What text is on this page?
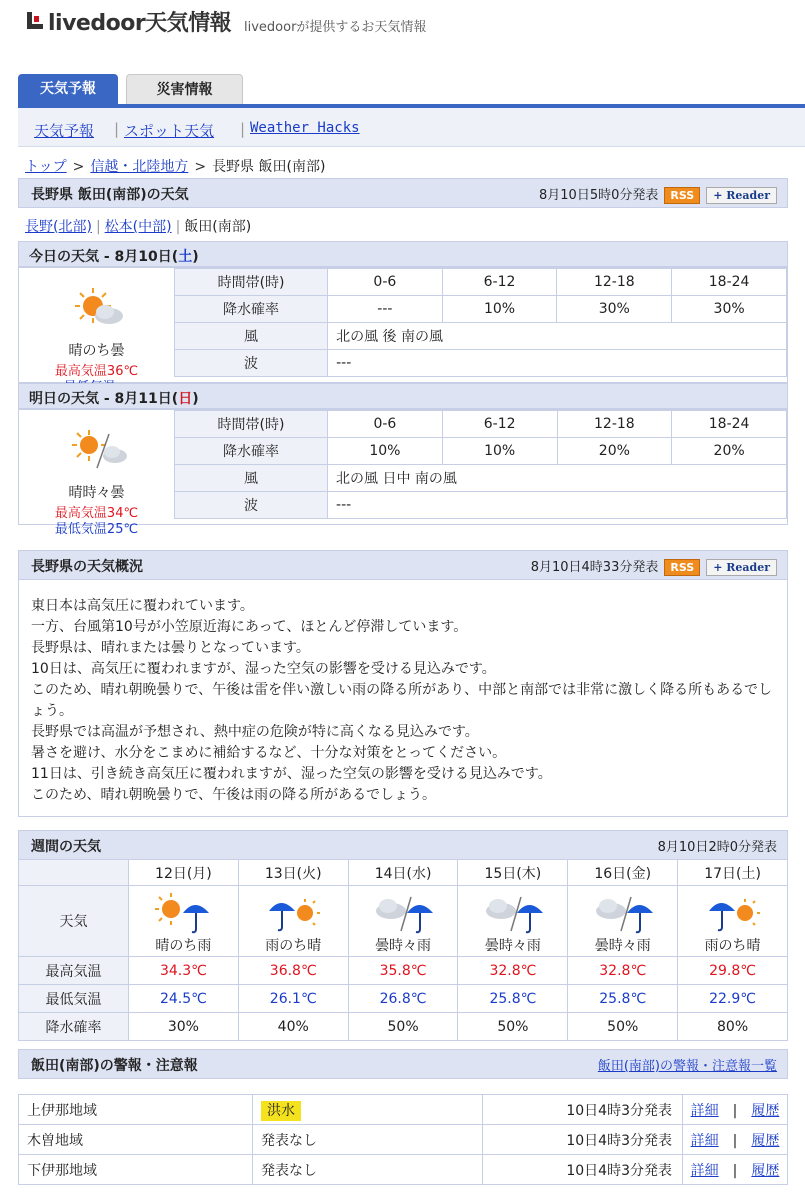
livedoor天気情報 livedoorが提供するお天気情報
天気予報	災害情報
天気予報 | スポット天気 | Weather Hacks
トップ > 信越・北陸地方 > 長野県 飯田(南部)
長野県 飯田(南部)の天気	8月10日5時0分発表 RSS + Reader
長野(北部) | 松本(中部) | 飯田(南部)
今日の天気 - 8月10日(土)
晴のち曇
最高気温36℃
時間帯(時)	0-6	6-12	12-18	18-24
降水確率	---	10%	30%	30%
風	北の風 後 南の風			
波	---			
明日の天気 - 8月11日(日)
晴時々曇
最高気温34℃
最低気温25℃
時間帯(時)	0-6	6-12	12-18	18-24
降水確率	10%	10%	20%	20%
風	北の風 日中 南の風			
波	---			
長野県の天気概況	8月10日4時33分発表 RSS + Reader

東日本は高気圧に覆われています。

一方、台風第10号が小笠原近海にあって、ほとんど停滞しています。

長野県は、晴れまたは曇りとなっています。

10日は、高気圧に覆われますが、湿った空気の影響を受ける見込みです。

このため、晴れ朝晩曇りで、午後は雷を伴い激しい雨の降る所があり、中部と南部では非常に激しく降る所もあるでしょう。

長野県では高温が予想され、熱中症の危険が特に高くなる見込みです。

暑さを避け、水分をこまめに補給するなど、十分な対策をとってください。

11日は、引き続き高気圧に覆われますが、湿った空気の影響を受ける見込みです。

このため、晴れ朝晩曇りで、午後は雨の降る所があるでしょう。

週間の天気	8月10日2時0分発表
	12日(月)	13日(火)	14日(水)	15日(木)	16日(金)	17日(土)
天気	晴のち雨	雨のち晴	曇時々雨	曇時々雨	曇時々雨	雨のち晴

最高気温	34.3℃	36.8℃	35.8℃	32.8℃	32.8℃	29.8℃
最低気温	24.5℃	26.1℃	26.8℃	25.8℃	25.8℃	22.9℃
降水確率	30%	40%	50%	50%	50%	80%
飯田(南部)の警報・注意報	飯田(南部)の警報・注意報一覧
上伊那地域	洪水	10日4時3分発表	詳細 | 履歴
木曽地域	発表なし	10日4時3分発表	詳細 | 履歴
下伊那地域	発表なし	10日4時3分発表	詳細 | 履歴
